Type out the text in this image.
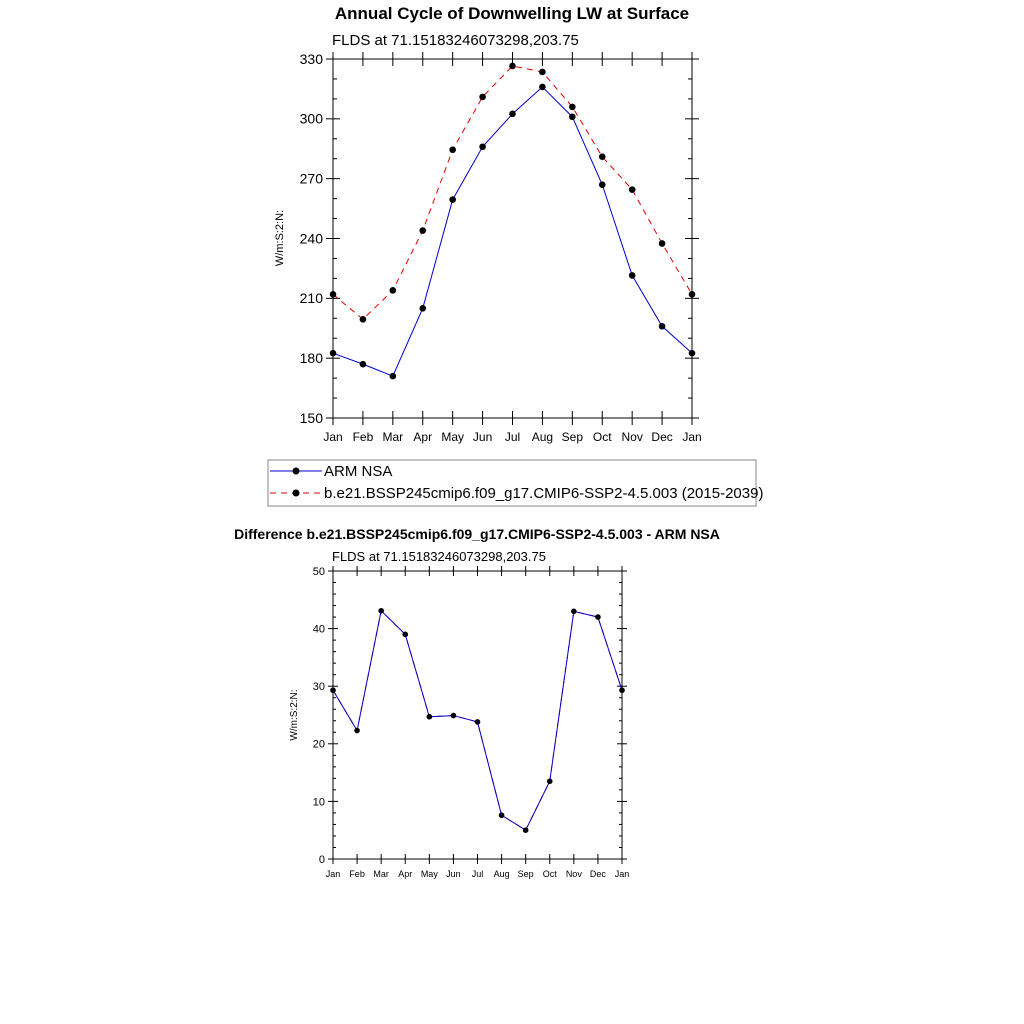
Annual Cycle of Downwelling LW at Surface
FLDS at 71.15183246073298,203.75
W/m:S:2:N:
150
180
210
240
270
300
330
Jan Feb Mar Apr May Jun Jul Aug Sep Oct Nov Dec Jan
ARM NSA
b.e21.BSSP245cmip6.f09_g17.CMIP6-SSP2-4.5.003 (2015-2039)
Difference b.e21.BSSP245cmip6.f09_g17.CMIP6-SSP2-4.5.003 - ARM NSA
FLDS at 71.15183246073298,203.75
W/m:S:2:N:
0
10
20
30
40
50
Jan Feb Mar Apr May Jun Jul Aug Sep Oct Nov Dec Jan
